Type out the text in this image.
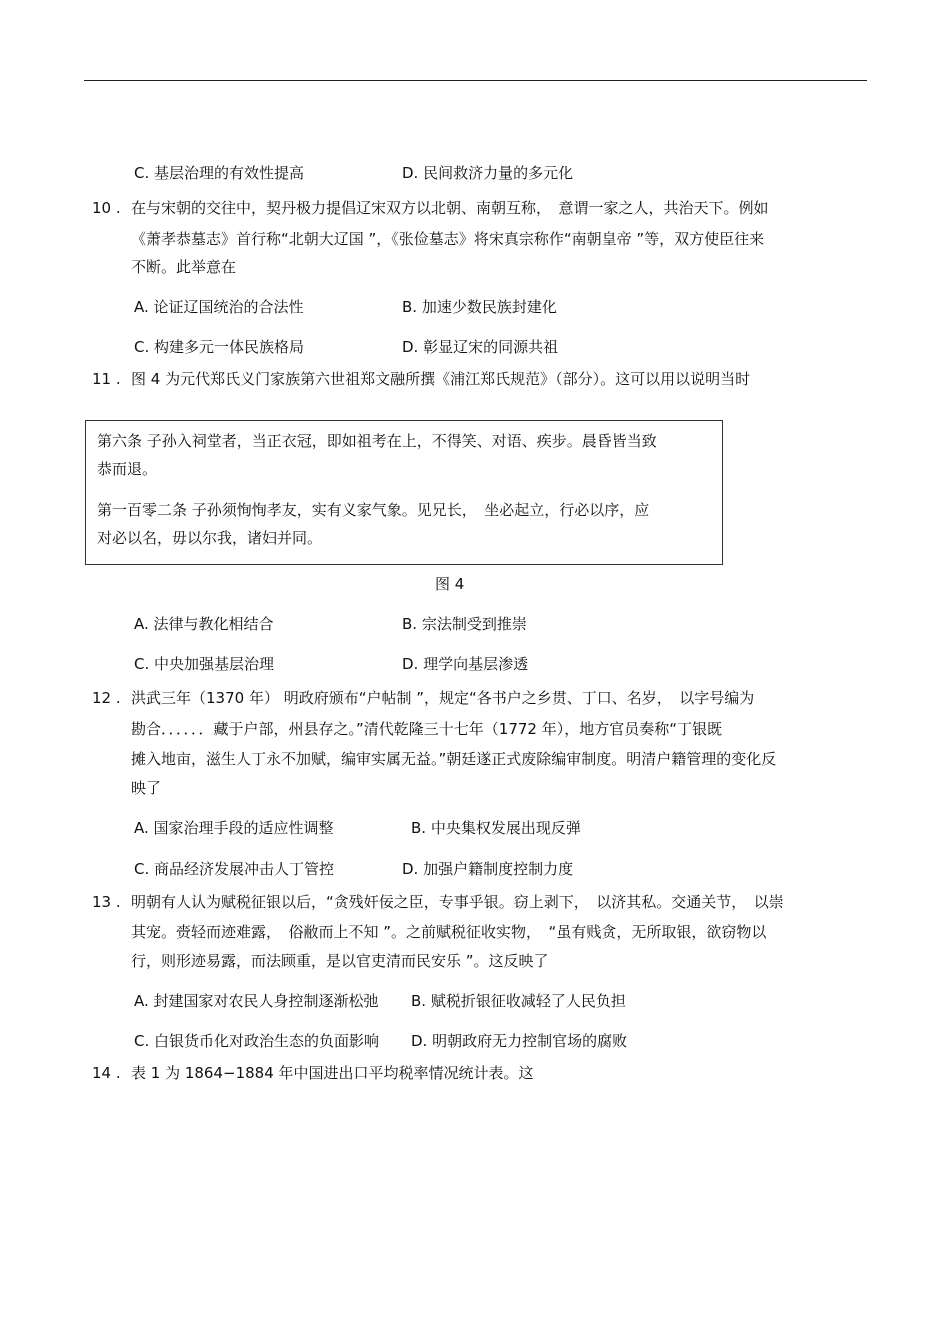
C. 基层治理的有效性提高	D. 民间救济力量的多元化
10 . 在与宋朝的交往中，契丹极力提倡辽宋双方以北朝、南朝互称，　意谓一家之人，共治天下。例如
《萧孝恭墓志》首行称“北朝大辽国 ”，《张俭墓志》将宋真宗称作“南朝皇帝 ”等，双方使臣往来
不断。此举意在
A. 论证辽国统治的合法性	B. 加速少数民族封建化
C. 构建多元一体民族格局	D. 彰显辽宋的同源共祖
11 . 图 4 为元代郑氏义门家族第六世祖郑文融所撰《浦江郑氏规范》（部分）。这可以用以说明当时
第六条 子孙入祠堂者，当正衣冠，即如祖考在上，不得笑、对语、疾步。晨昏皆当致
恭而退。
第一百零二条 子孙须恂恂孝友，实有义家气象。见兄长，　坐必起立，行必以序，应
对必以名，毋以尔我，诸妇并同。
图 4
A. 法律与教化相结合	B. 宗法制受到推崇
C. 中央加强基层治理	D. 理学向基层渗透
12 . 洪武三年（1370 年） 明政府颁布“户帖制 ”，规定“各书户之乡贯、丁口、名岁，　以字号编为
勘合．．．．．．藏于户部，州县存之。”清代乾隆三十七年（1772 年），地方官员奏称“丁银既
摊入地亩，滋生人丁永不加赋，编审实属无益。”朝廷遂正式废除编审制度。明清户籍管理的变化反
映了
A. 国家治理手段的适应性调整	B. 中央集权发展出现反弹
C. 商品经济发展冲击人丁管控	D. 加强户籍制度控制力度
13 . 明朝有人认为赋税征银以后，“贪残奸佞之臣，专事乎银。窃上剥下，　以济其私。交通关节，　以崇
其宠。赍轻而迹难露，　俗敝而上不知 ”。之前赋税征收实物，　“虽有贱贪，无所取银，欲窃物以
行，则形迹易露，而法顾重，是以官吏清而民安乐 ”。这反映了
A. 封建国家对农民人身控制逐渐松弛 B. 赋税折银征收减轻了人民负担
C. 白银货币化对政治生态的负面影响 D. 明朝政府无力控制官场的腐败
14 . 表 1 为 1864−1884 年中国进出口平均税率情况统计表。这
